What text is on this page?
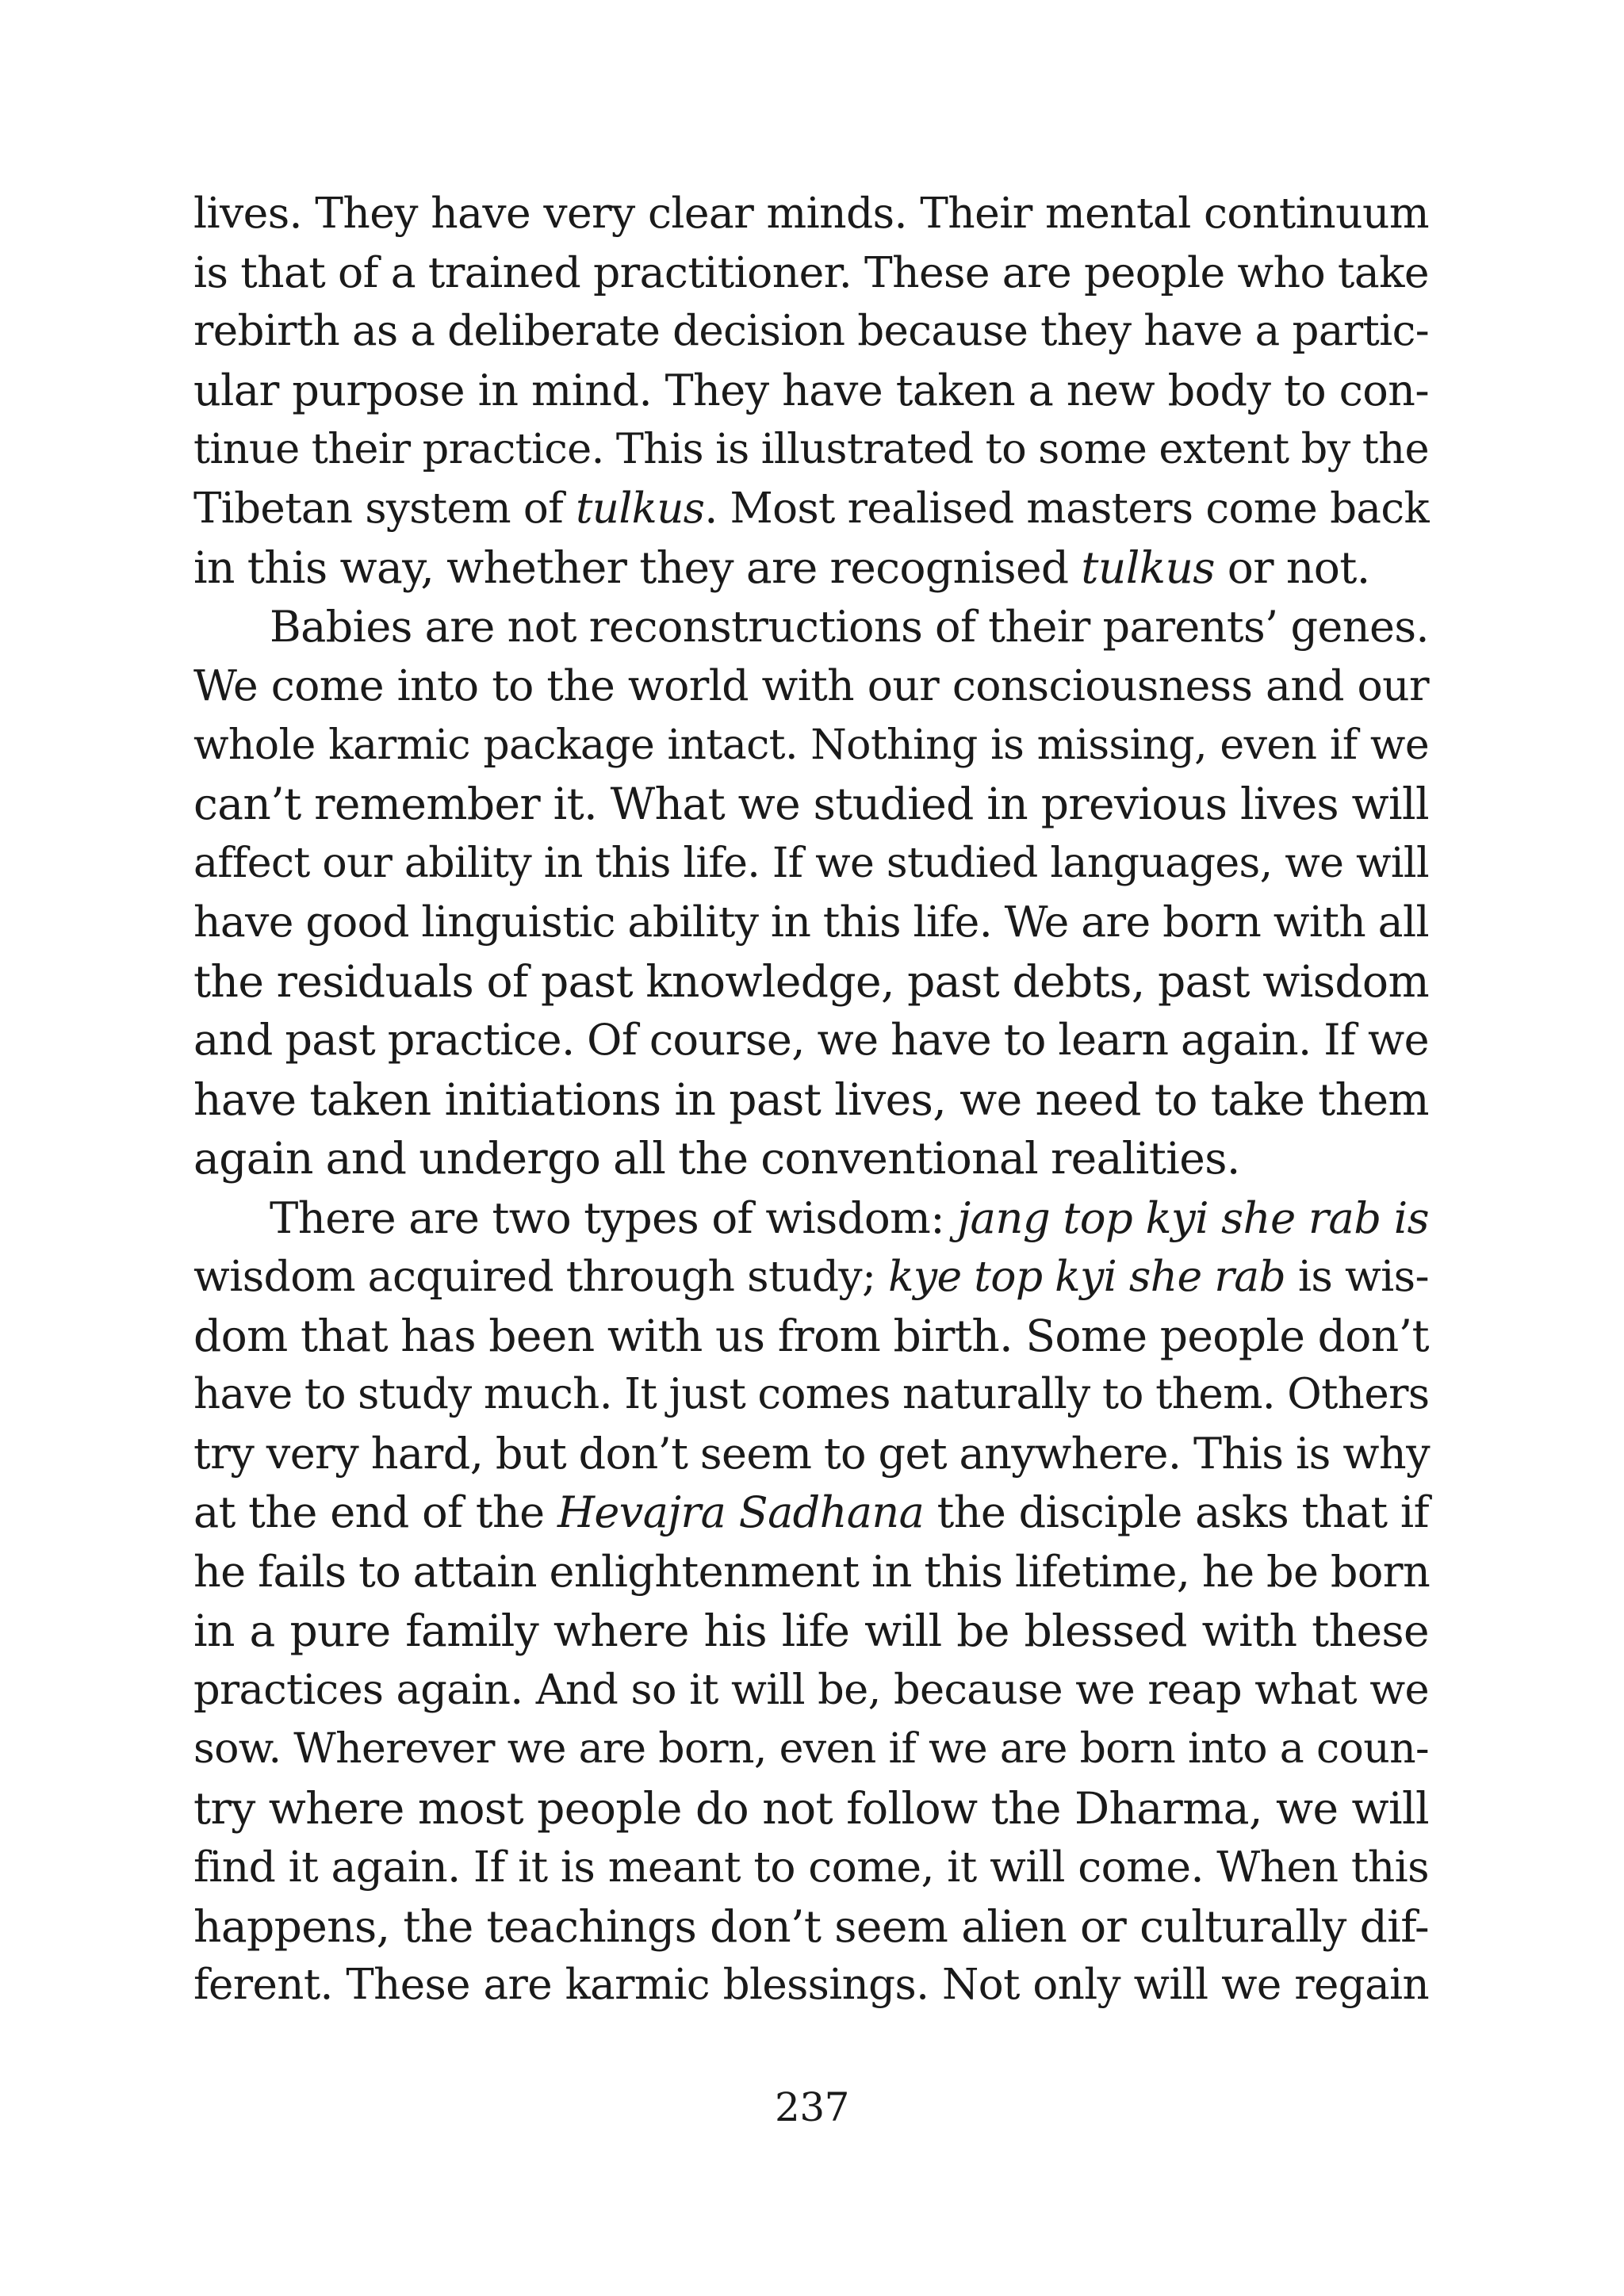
lives. They have very clear minds. Their mental continuum
is that of a trained practitioner. These are people who take
rebirth as a deliberate decision because they have a partic-
ular purpose in mind. They have taken a new body to con-
tinue their practice. This is illustrated to some extent by the
Tibetan system of tulkus. Most realised masters come back
in this way, whether they are recognised tulkus or not.

Babies are not reconstructions of their parents’ genes.
We come into to the world with our consciousness and our
whole karmic package intact. Nothing is missing, even if we
can’t remember it. What we studied in previous lives will
affect our ability in this life. If we studied languages, we will
have good linguistic ability in this life. We are born with all
the residuals of past knowledge, past debts, past wisdom
and past practice. Of course, we have to learn again. If we
have taken initiations in past lives, we need to take them
again and undergo all the conventional realities.

There are two types of wisdom: jang top kyi she rab is
wisdom acquired through study; kye top kyi she rab is wis-
dom that has been with us from birth. Some people don’t
have to study much. It just comes naturally to them. Others
try very hard, but don’t seem to get anywhere. This is why
at the end of the Hevajra Sadhana the disciple asks that if
he fails to attain enlightenment in this lifetime, he be born
in a pure family where his life will be blessed with these
practices again. And so it will be, because we reap what we
sow. Wherever we are born, even if we are born into a coun-
try where most people do not follow the Dharma, we will
find it again. If it is meant to come, it will come. When this
happens, the teachings don’t seem alien or culturally dif-
ferent. These are karmic blessings. Not only will we regain

237
